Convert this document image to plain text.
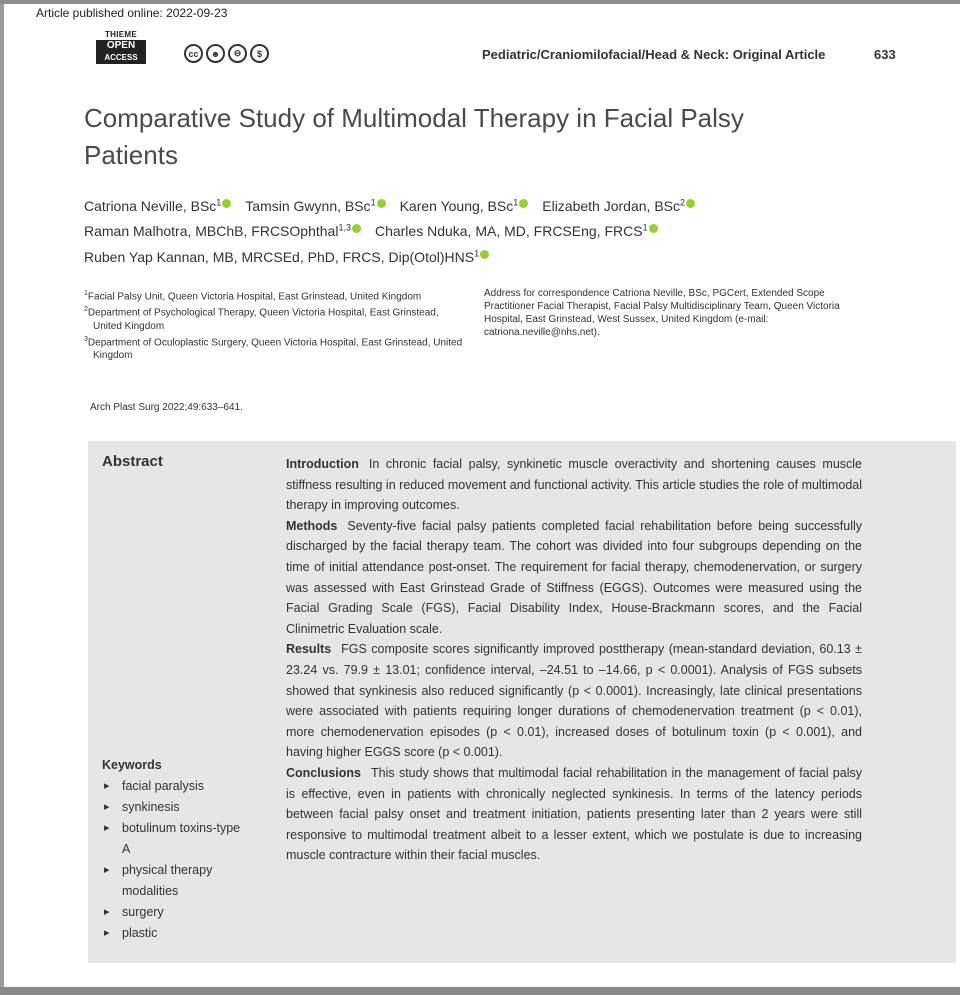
Article published online: 2022-09-23
THIEME
OPEN
ACCESS	cc	☻	⊖	$	Pediatric/Craniomilofacial/Head & Neck: Original Article	633
Comparative Study of Multimodal Therapy in Facial Palsy Patients
Catriona Neville, BSc$^1$ Tamsin Gwynn, BSc$^1$ Karen Young, BSc$^1$ Elizabeth Jordan, BSc$^2$
Raman Malhotra, MBChB, FRCSOphthal$^{1,3}$ Charles Nduka, MA, MD, FRCSEng, FRCS$^1$
Ruben Yap Kannan, MB, MRCSEd, PhD, FRCS, Dip(Otol)HNS$^1$
$^1$Facial Palsy Unit, Queen Victoria Hospital, East Grinstead, United Kingdom
$^2$Department of Psychological Therapy, Queen Victoria Hospital, East Grinstead, United Kingdom
$^3$Department of Oculoplastic Surgery, Queen Victoria Hospital, East Grinstead, United Kingdom
Address for correspondence Catriona Neville, BSc, PGCert, Extended Scope Practitioner Facial Therapist, Facial Palsy Multidisciplinary Team, Queen Victoria Hospital, East Grinstead, West Sussex, United Kingdom (e-mail: catriona.neville@nhs.net).
Arch Plast Surg 2022;49:633–641.
Abstract	Introduction In chronic facial palsy, synkinetic muscle overactivity and shortening causes muscle stiffness resulting in reduced movement and functional activity. This article studies the role of multimodal therapy in improving outcomes.

Methods Seventy-five facial palsy patients completed facial rehabilitation before being successfully discharged by the facial therapy team. The cohort was divided into four subgroups depending on the time of initial attendance post-onset. The requirement for facial therapy, chemodenervation, or surgery was assessed with East Grinstead Grade of Stiffness (EGGS). Outcomes were measured using the Facial Grading Scale (FGS), Facial Disability Index, House-Brackmann scores, and the Facial Clinimetric Evaluation scale.

Results FGS composite scores significantly improved posttherapy (mean-standard deviation, 60.13 ± 23.24 vs. 79.9 ± 13.01; confidence interval, –24.51 to –14.66, p < 0.0001). Analysis of FGS subsets showed that synkinesis also reduced significantly (p < 0.0001). Increasingly, late clinical presentations were associated with patients requiring longer durations of chemodenervation treatment (p < 0.01), more chemodenervation episodes (p < 0.01), increased doses of botulinum toxin (p < 0.001), and having higher EGGS score (p < 0.001).

Conclusions This study shows that multimodal facial rehabilitation in the management of facial palsy is effective, even in patients with chronically neglected synkinesis. In terms of the latency periods between facial palsy onset and treatment initiation, patients presenting later than 2 years were still responsive to multimodal treatment albeit to a lesser extent, which we postulate is due to increasing muscle contracture within their facial muscles.

Keywords
▸ facial paralysis
▸ synkinesis
▸ botulinum toxins-type A
▸ physical therapy modalities
▸ surgery
▸ plastic
